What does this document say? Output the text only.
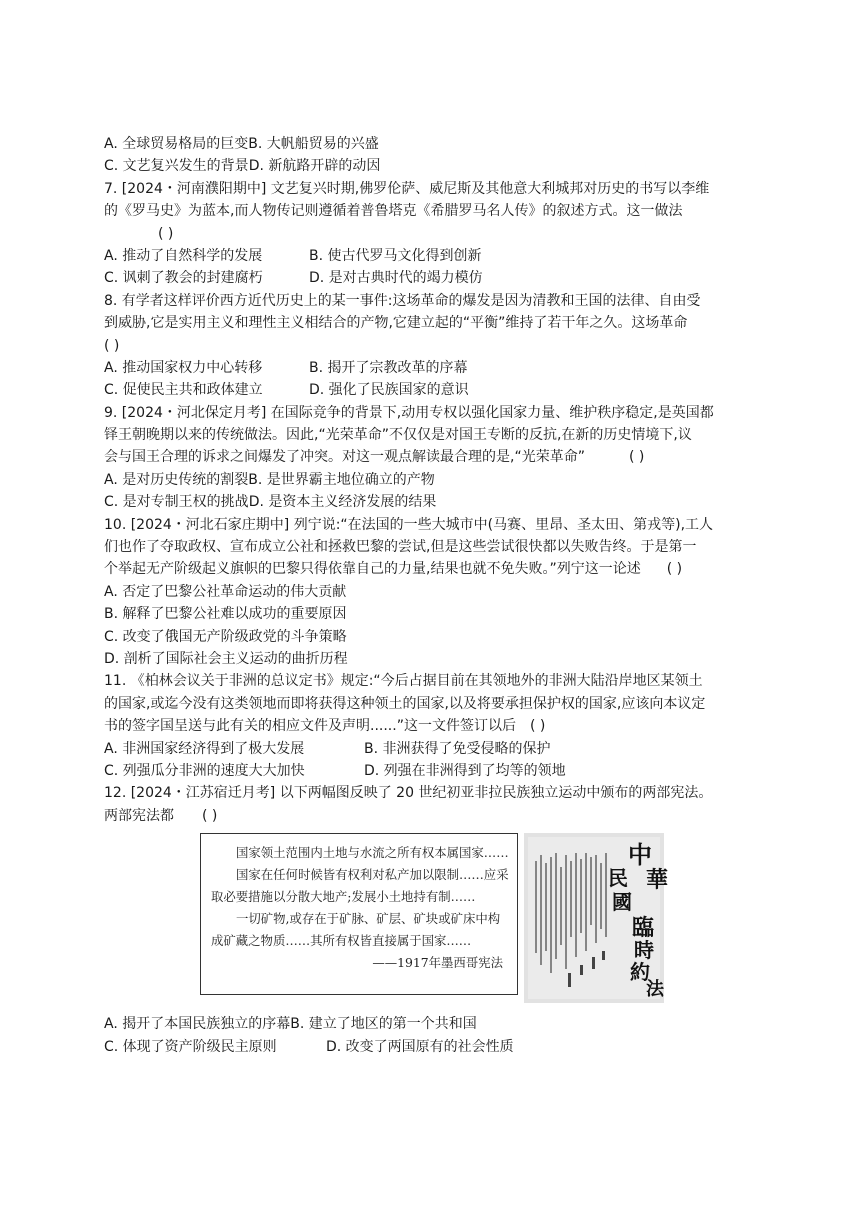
A. 全球贸易格局的巨变B. 大帆船贸易的兴盛
C. 文艺复兴发生的背景D. 新航路开辟的动因
7. [2024・河南濮阳期中] 文艺复兴时期,佛罗伦萨、威尼斯及其他意大利城邦对历史的书写以李维
的《罗马史》为蓝本,而人物传记则遵循着普鲁塔克《希腊罗马名人传》的叙述方式。这一做法
( )
A. 推动了自然科学的发展	B. 使古代罗马文化得到创新
C. 讽刺了教会的封建腐朽	D. 是对古典时代的竭力模仿
8. 有学者这样评价西方近代历史上的某一事件:这场革命的爆发是因为清教和王国的法律、自由受
到威胁,它是实用主义和理性主义相结合的产物,它建立起的“平衡”维持了若干年之久。这场革命
( )
A. 推动国家权力中心转移	B. 揭开了宗教改革的序幕
C. 促使民主共和政体建立	D. 强化了民族国家的意识
9. [2024・河北保定月考] 在国际竞争的背景下,动用专权以强化国家力量、维护秩序稳定,是英国都
铎王朝晚期以来的传统做法。因此,“光荣革命”不仅仅是对国王专断的反抗,在新的历史情境下,议
会与国王合理的诉求之间爆发了冲突。对这一观点解读最合理的是,“光荣革命”	( )
A. 是对历史传统的割裂B. 是世界霸主地位确立的产物
C. 是对专制王权的挑战D. 是资本主义经济发展的结果
10. [2024・河北石家庄期中] 列宁说:“在法国的一些大城市中(马赛、里昂、圣太田、第戎等),工人
们也作了夺取政权、宣布成立公社和拯救巴黎的尝试,但是这些尝试很快都以失败告终。于是第一
个举起无产阶级起义旗帜的巴黎只得依靠自己的力量,结果也就不免失败。”列宁这一论述 ( )
A. 否定了巴黎公社革命运动的伟大贡献
B. 解释了巴黎公社难以成功的重要原因
C. 改变了俄国无产阶级政党的斗争策略
D. 剖析了国际社会主义运动的曲折历程
11. 《柏林会议关于非洲的总议定书》规定:“今后占据目前在其领地外的非洲大陆沿岸地区某领土
的国家,或迄今没有这类领地而即将获得这种领土的国家,以及将要承担保护权的国家,应该向本议定
书的签字国呈送与此有关的相应文件及声明......”这一文件签订以后 ( )
A. 非洲国家经济得到了极大发展	B. 非洲获得了免受侵略的保护
C. 列强瓜分非洲的速度大大加快	D. 列强在非洲得到了均等的领地
12. [2024・江苏宿迁月考] 以下两幅图反映了 20 世纪初亚非拉民族独立运动中颁布的两部宪法。
两部宪法都 ( )
国家领土范围内土地与水流之所有权本属国家……
国家在任何时候皆有权利对私产加以限制……应采
取必要措施以分散大地产;发展小土地持有制……
一切矿物,或存在于矿脉、矿层、矿块或矿床中构
成矿藏之物质……其所有权皆直接属于国家……
——1917年墨西哥宪法
中
華
民
國
臨
時
約
法
A. 揭开了本国民族独立的序幕B. 建立了地区的第一个共和国
C. 体现了资产阶级民主原则	D. 改变了两国原有的社会性质
